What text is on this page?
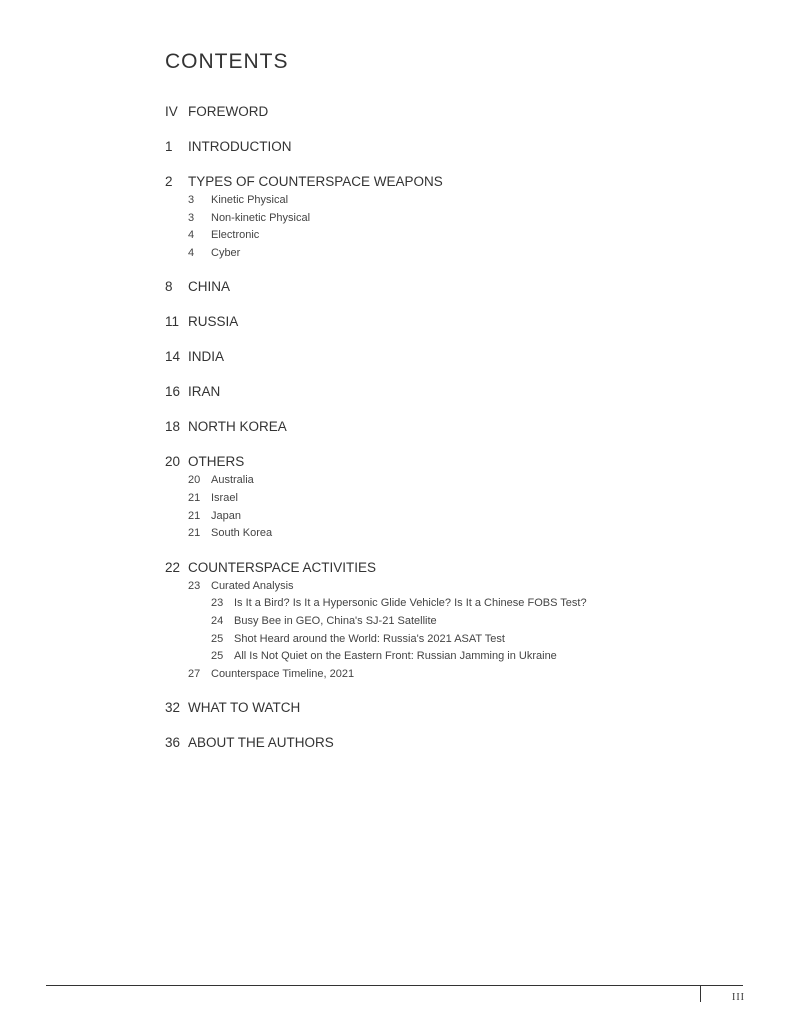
CONTENTS
IV FOREWORD
1	INTRODUCTION
2	TYPES OF COUNTERSPACE WEAPONS
3	Kinetic Physical
3	Non-kinetic Physical
4	Electronic
4	Cyber
8	CHINA
11 RUSSIA
14 INDIA
16 IRAN
18 NORTH KOREA
20 OTHERS
20 Australia
21 Israel
21 Japan
21 South Korea
22 COUNTERSPACE ACTIVITIES
23 Curated Analysis
23 Is It a Bird? Is It a Hypersonic Glide Vehicle? Is It a Chinese FOBS Test?
24 Busy Bee in GEO, China's SJ-21 Satellite
25 Shot Heard around the World: Russia's 2021 ASAT Test
25 All Is Not Quiet on the Eastern Front: Russian Jamming in Ukraine
27 Counterspace Timeline, 2021
32 WHAT TO WATCH
36 ABOUT THE AUTHORS
III
